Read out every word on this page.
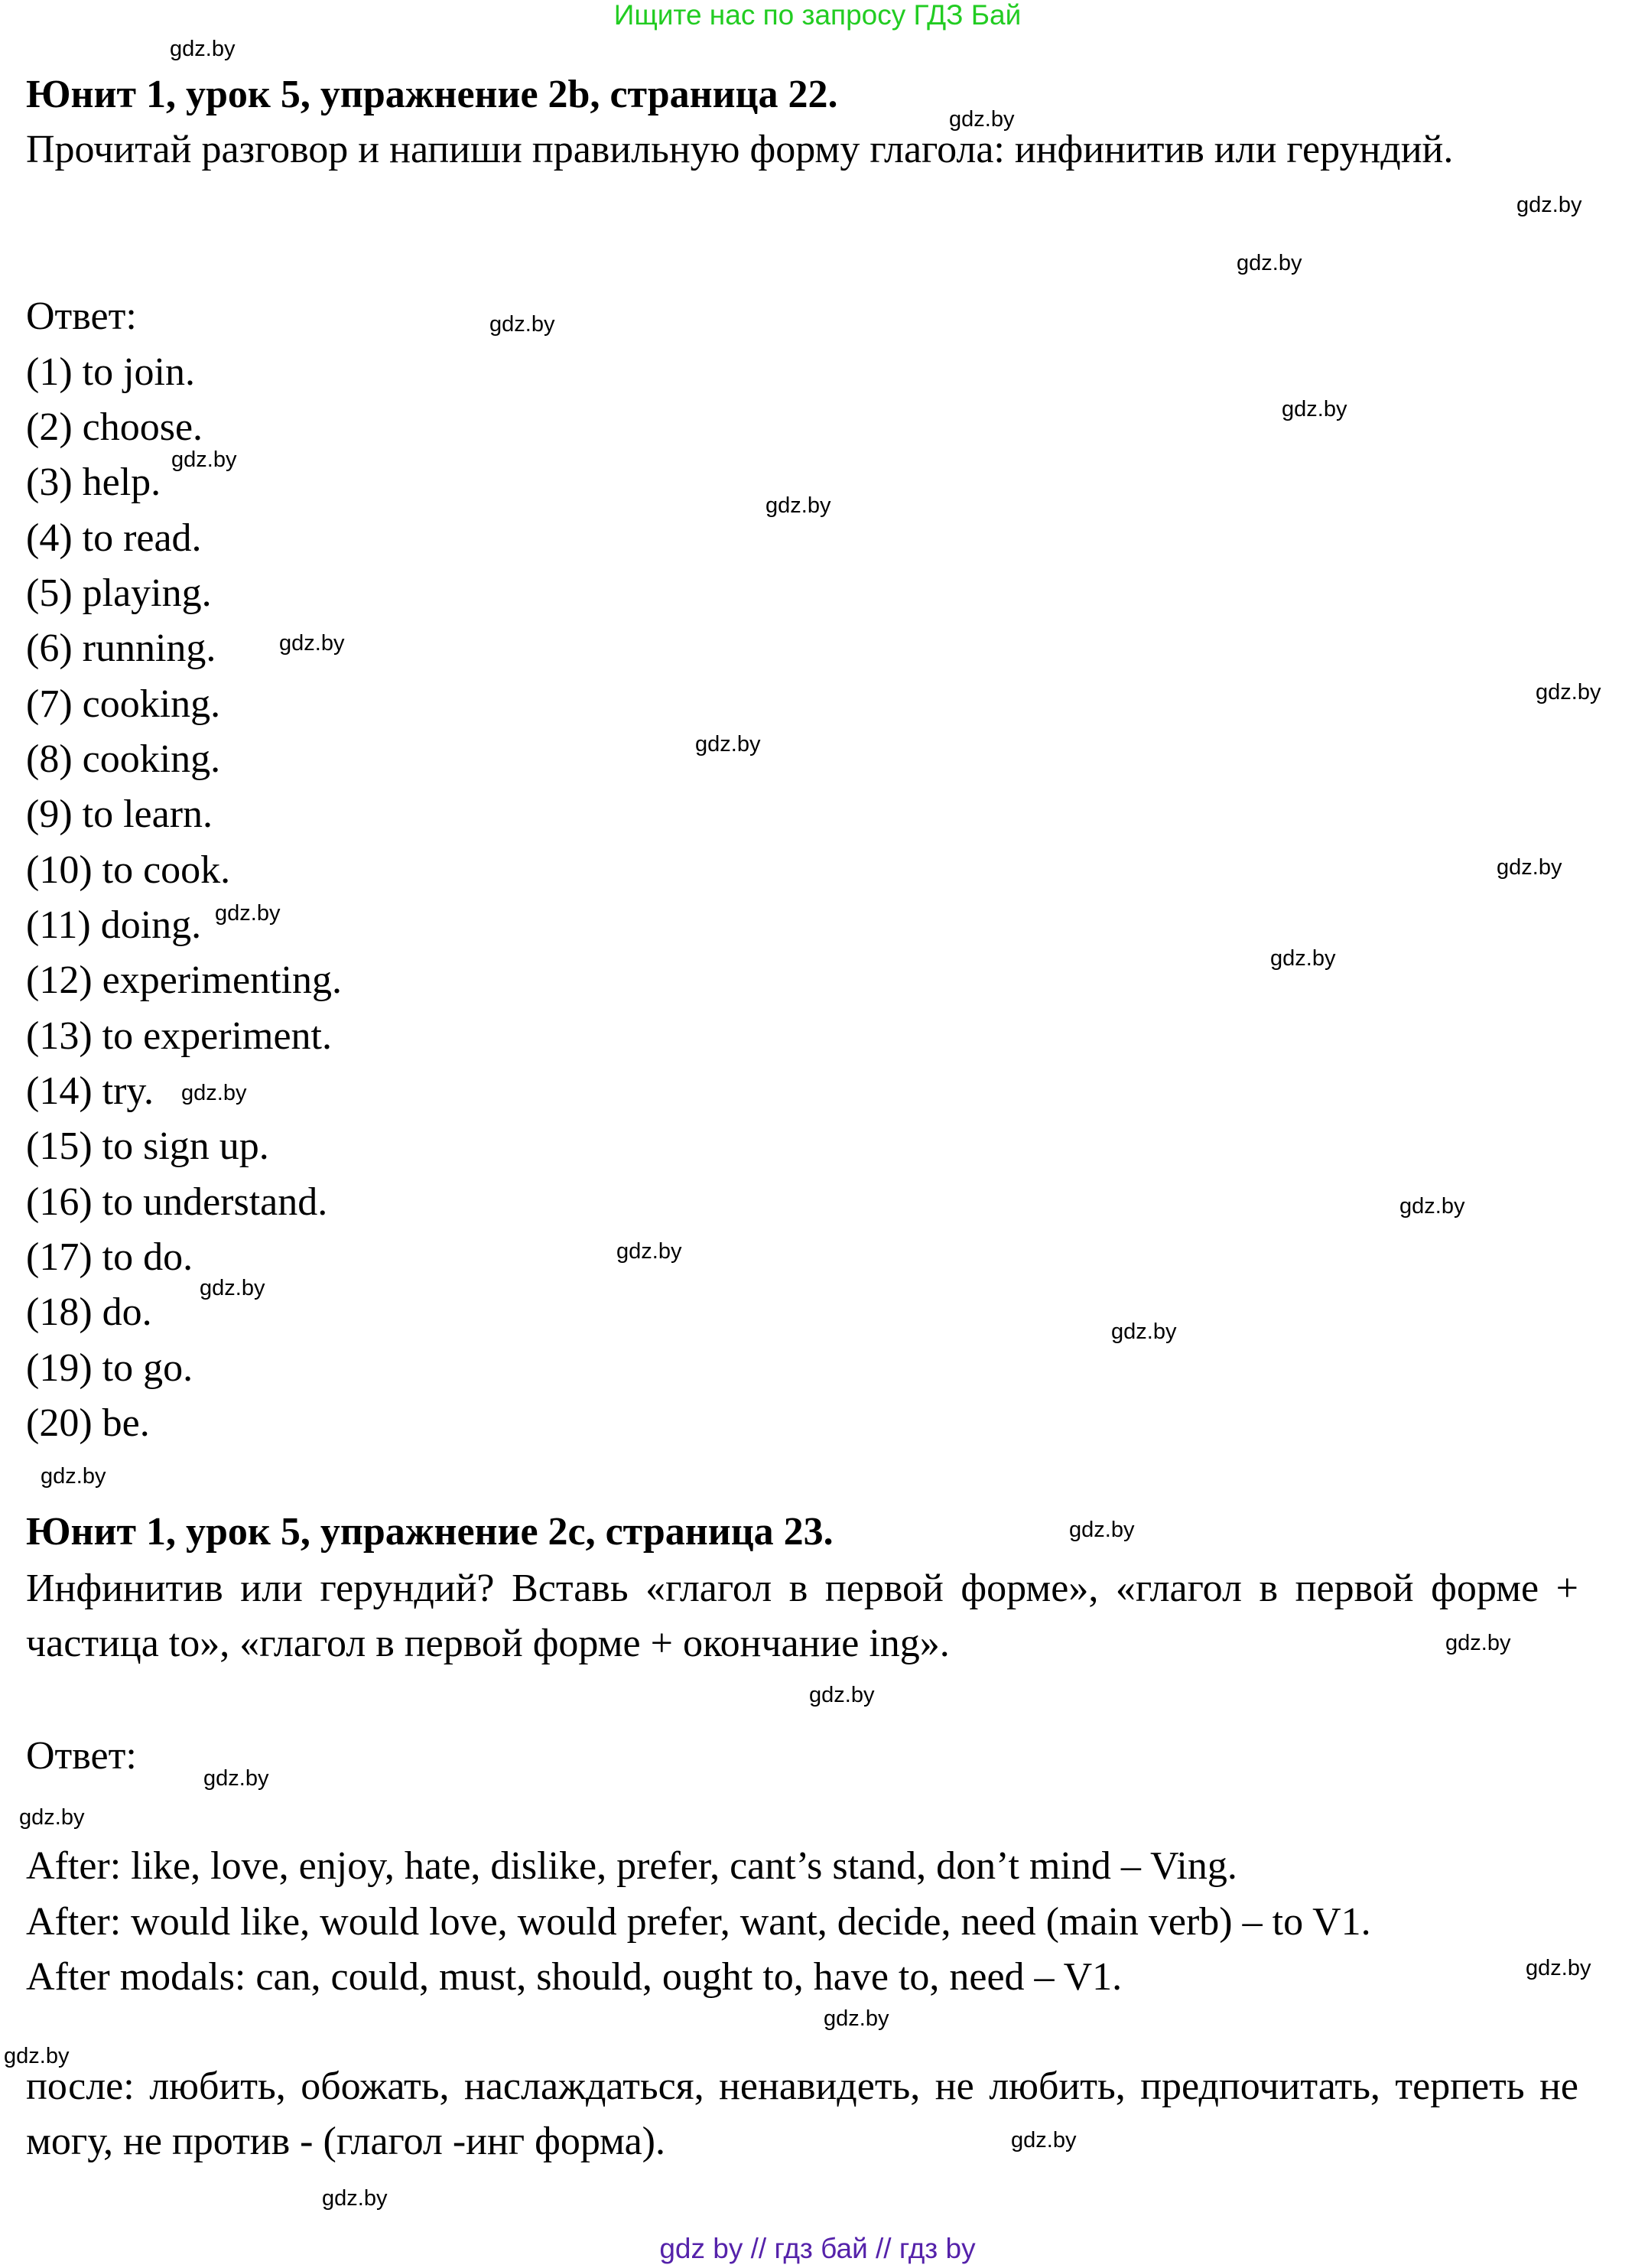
Ищите нас по запросу ГДЗ Бай
Юнит 1, урок 5, упражнение 2b, страница 22.
Прочитай разговор и напиши правильную форму глагола: инфинитив или герундий.
Ответ:
(1) to join.
(2) choose.
(3) help.
(4) to read.
(5) playing.
(6) running.
(7) cooking.
(8) cooking.
(9) to learn.
(10) to cook.
(11) doing.
(12) experimenting.
(13) to experiment.
(14) try.
(15) to sign up.
(16) to understand.
(17) to do.
(18) do.
(19) to go.
(20) be.
Юнит 1, урок 5, упражнение 2c, страница 23.
Инфинитив или герундий? Вставь «глагол в первой форме», «глагол в первой форме + частица to», «глагол в первой форме + окончание ing».
Ответ:
After: like, love, enjoy, hate, dislike, prefer, cant’s stand, don’t mind – Ving.
After: would like, would love, would prefer, want, decide, need (main verb) – to V1.
After modals: can, could, must, should, ought to, have to, need – V1.
после: любить, обожать, наслаждаться, ненавидеть, не любить, предпочитать, терпеть не могу, не против - (глагол -инг форма).
gdz.by
gdz.by
gdz.by
gdz.by
gdz.by
gdz.by
gdz.by
gdz.by
gdz.by
gdz.by
gdz.by
gdz.by
gdz.by
gdz.by
gdz.by
gdz.by
gdz.by
gdz.by
gdz.by
gdz.by
gdz.by
gdz.by
gdz.by
gdz.by
gdz.by
gdz.by
gdz.by
gdz.by
gdz.by
gdz.by
gdz by // гдз бай // гдз by
